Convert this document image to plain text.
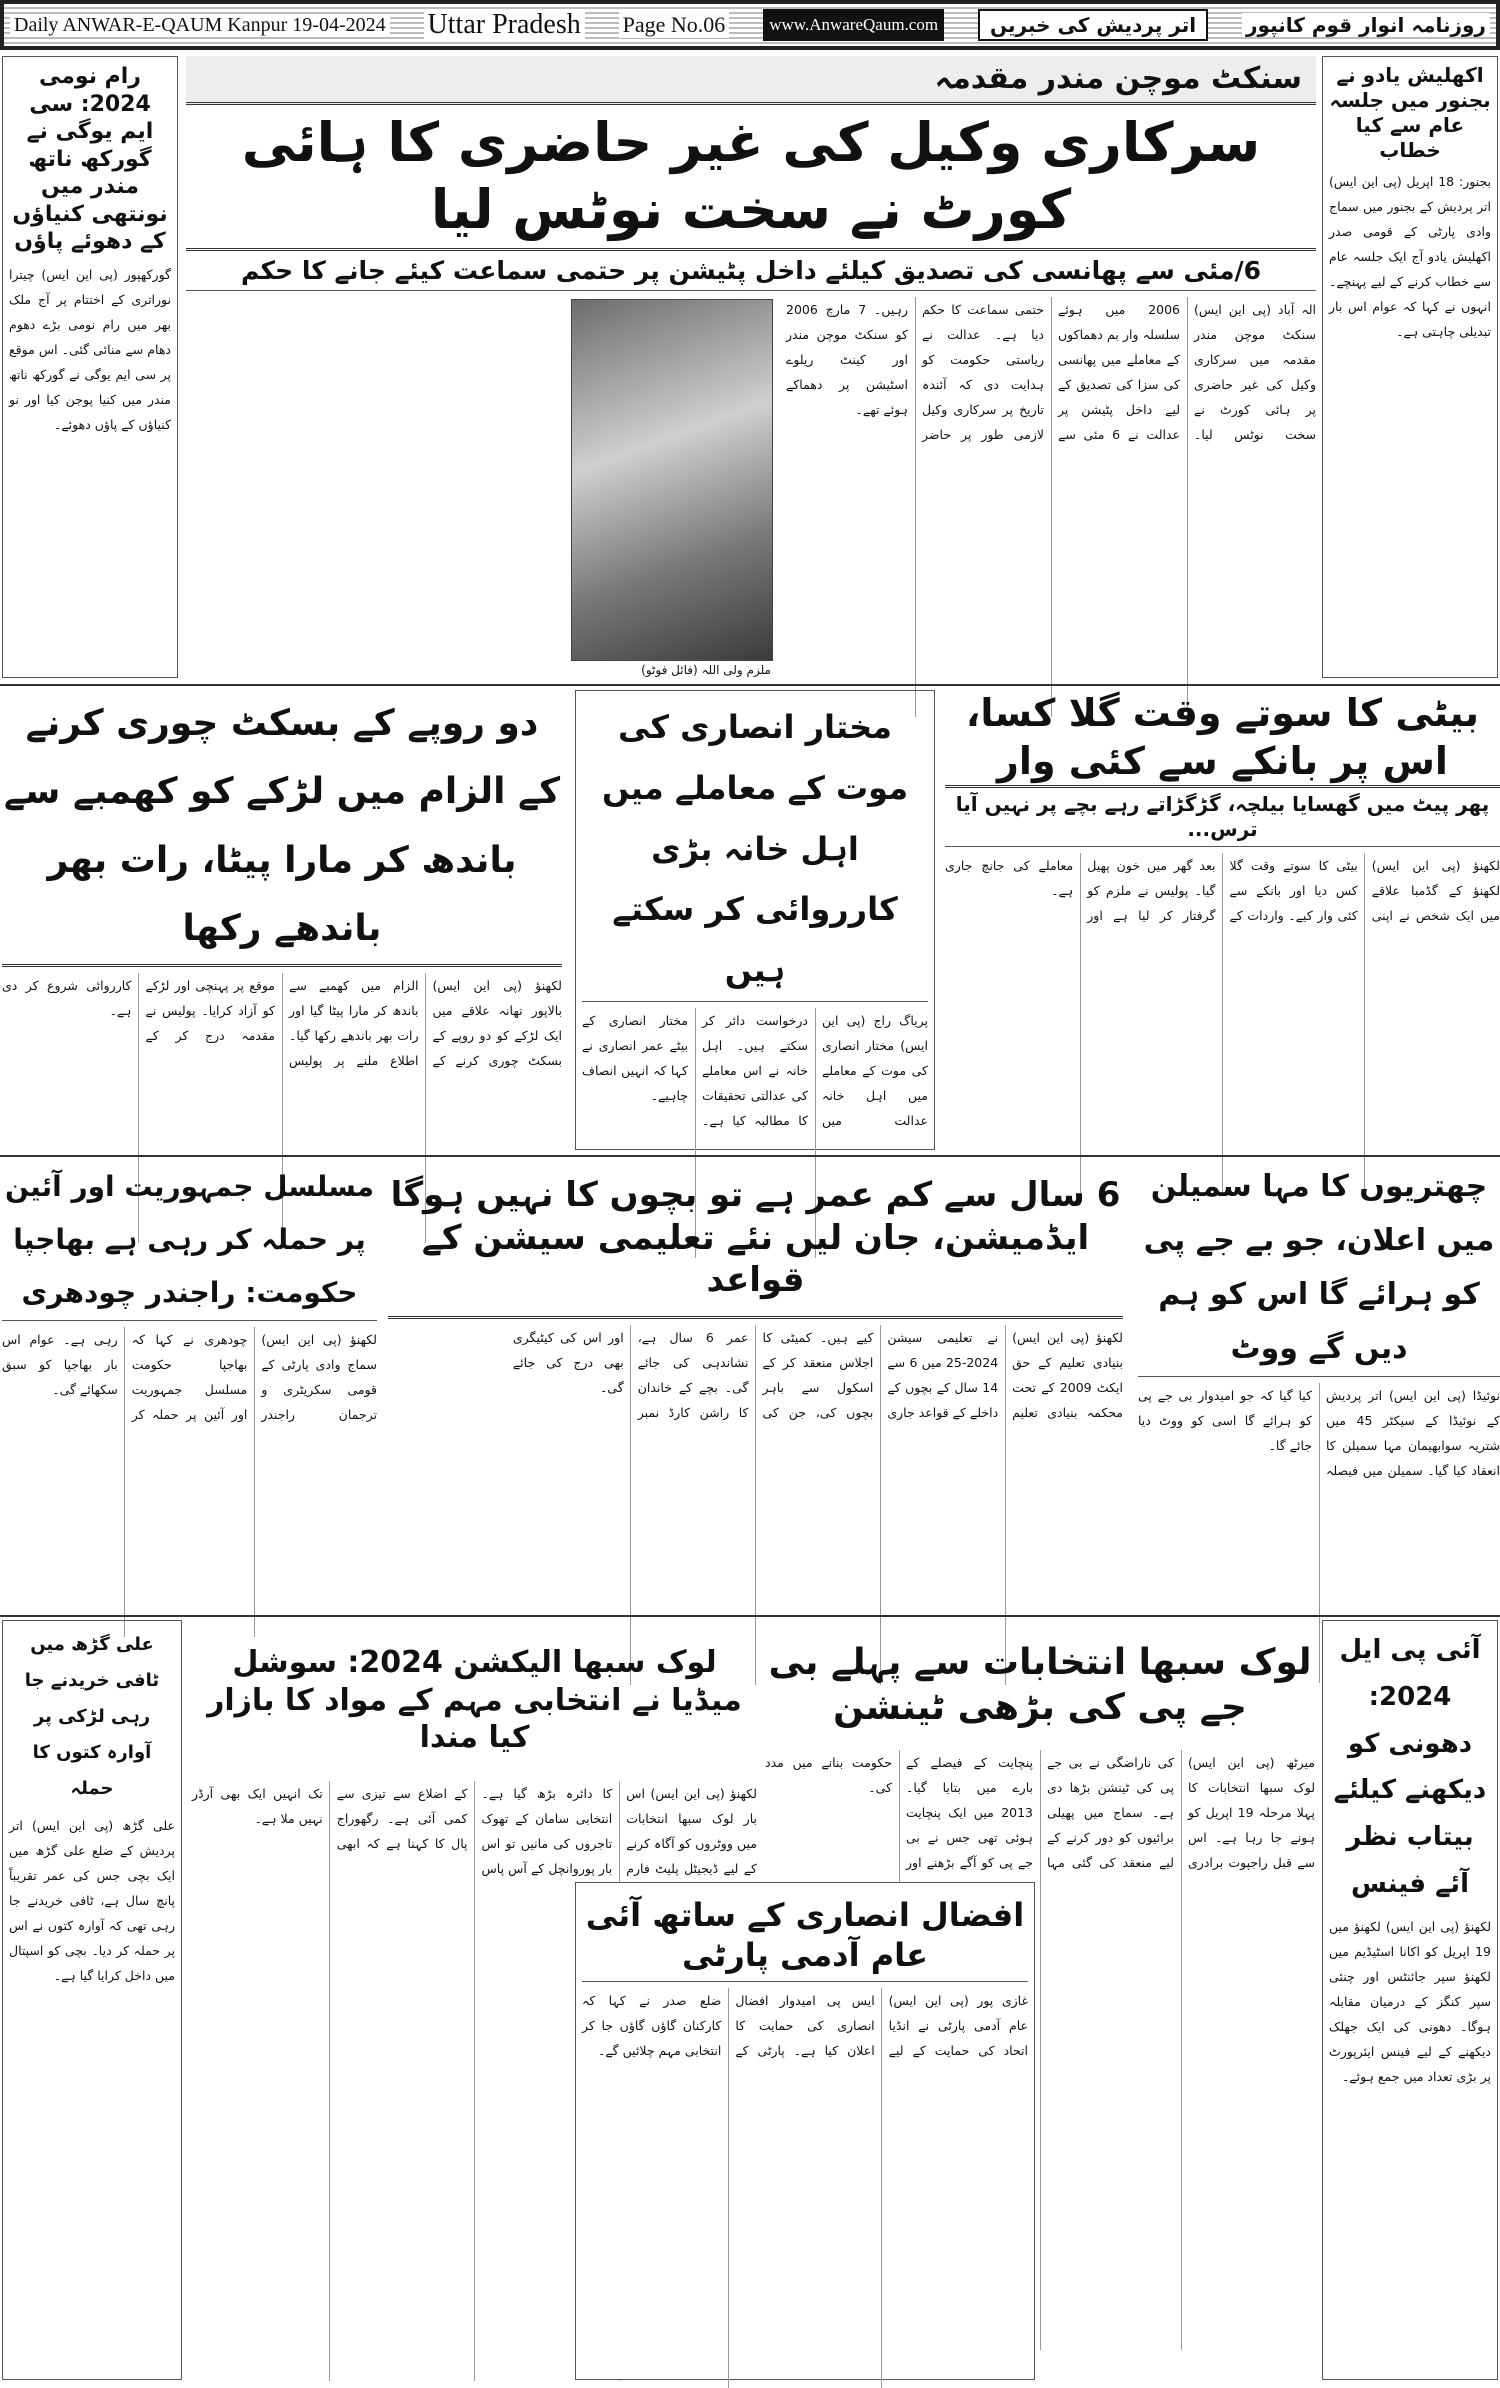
Daily ANWAR-E-QAUM Kanpur 19-04-2024 Uttar Pradesh Page No.06	www.AnwareQaum.com	اتر پردیش کی خبریں	روزنامہ انوار قوم کانپور
رام نومی 2024: سی ایم یوگی نے گورکھ ناتھ مندر میں نونتھی کنیاؤں کے دھوئے پاؤں
گورکھپور (پی این ایس) چیترا نوراتری کے اختتام پر آج ملک بھر میں رام نومی بڑے دھوم دھام سے منائی گئی۔ اس موقع پر سی ایم یوگی نے گورکھ ناتھ مندر میں کنیا پوجن کیا اور نو کنیاؤں کے پاؤں دھوئے۔
اکھلیش یادو نے بجنور میں جلسہ عام سے کیا خطاب
بجنور: 18 اپریل (پی این ایس) اتر پردیش کے بجنور میں سماج وادی پارٹی کے قومی صدر اکھلیش یادو آج ایک جلسہ عام سے خطاب کرنے کے لیے پہنچے۔ انہوں نے کہا کہ عوام اس بار تبدیلی چاہتی ہے۔
سنکٹ موچن مندر مقدمہ
سرکاری وکیل کی غیر حاضری کا ہائی کورٹ نے سخت نوٹس لیا
6/مئی سے پھانسی کی تصدیق کیلئے داخل پٹیشن پر حتمی سماعت کیئے جانے کا حکم
الہ آباد (پی این ایس) سنکٹ موچن مندر مقدمہ میں سرکاری وکیل کی غیر حاضری پر ہائی کورٹ نے سخت نوٹس لیا۔ 2006 میں ہوئے سلسلہ وار بم دھماکوں کے معاملے میں پھانسی کی سزا کی تصدیق کے لیے داخل پٹیشن پر عدالت نے 6 مئی سے حتمی سماعت کا حکم دیا ہے۔ عدالت نے ریاستی حکومت کو ہدایت دی کہ آئندہ تاریخ پر سرکاری وکیل لازمی طور پر حاضر رہیں۔ 7 مارچ 2006 کو سنکٹ موچن مندر اور کینٹ ریلوے اسٹیشن پر دھماکے ہوئے تھے۔
ملزم ولی اللہ (فائل فوٹو)
بیٹی کا سوتے وقت گلا کسا، اس پر بانکے سے کئی وار
پھر پیٹ میں گھسایا بیلچہ، گڑگڑاتے رہے بچے پر نہیں آیا ترس...
لکھنؤ (پی این ایس) لکھنؤ کے گڈمبا علاقے میں ایک شخص نے اپنی بیٹی کا سوتے وقت گلا کس دیا اور بانکے سے کئی وار کیے۔ واردات کے بعد گھر میں خون پھیل گیا۔ پولیس نے ملزم کو گرفتار کر لیا ہے اور معاملے کی جانچ جاری ہے۔
مختار انصاری کی موت کے معاملے میں اہل خانہ بڑی کارروائی کر سکتے ہیں
پریاگ راج (پی این ایس) مختار انصاری کی موت کے معاملے میں اہل خانہ عدالت میں درخواست دائر کر سکتے ہیں۔ اہل خانہ نے اس معاملے کی عدالتی تحقیقات کا مطالبہ کیا ہے۔ مختار انصاری کے بیٹے عمر انصاری نے کہا کہ انہیں انصاف چاہیے۔
دو روپے کے بسکٹ چوری کرنے کے الزام میں لڑکے کو کھمبے سے باندھ کر مارا پیٹا، رات بھر باندھے رکھا
لکھنؤ (پی این ایس) بالاپور تھانہ علاقے میں ایک لڑکے کو دو روپے کے بسکٹ چوری کرنے کے الزام میں کھمبے سے باندھ کر مارا پیٹا گیا اور رات بھر باندھے رکھا گیا۔ اطلاع ملنے پر پولیس موقع پر پہنچی اور لڑکے کو آزاد کرایا۔ پولیس نے مقدمہ درج کر کے کارروائی شروع کر دی ہے۔
چھتریوں کا مہا سمیلن میں اعلان، جو بے جے پی کو ہرائے گا اس کو ہم دیں گے ووٹ
نوئیڈا (پی این ایس) اتر پردیش کے نوئیڈا کے سیکٹر 45 میں شتریہ سوابھیمان مہا سمیلن کا انعقاد کیا گیا۔ سمیلن میں فیصلہ کیا گیا کہ جو امیدوار بی جے پی کو ہرائے گا اسی کو ووٹ دیا جائے گا۔
6 سال سے کم عمر ہے تو بچوں کا نہیں ہوگا ایڈمیشن، جان لیں نئے تعلیمی سیشن کے قواعد
لکھنؤ (پی این ایس) بنیادی تعلیم کے حق ایکٹ 2009 کے تحت محکمہ بنیادی تعلیم نے تعلیمی سیشن 2024-25 میں 6 سے 14 سال کے بچوں کے داخلے کے قواعد جاری کیے ہیں۔ کمیٹی کا اجلاس منعقد کر کے اسکول سے باہر بچوں کی، جن کی عمر 6 سال ہے، نشاندہی کی جائے گی۔ بچے کے خاندان کا راشن کارڈ نمبر اور اس کی کیٹیگری بھی درج کی جائے گی۔
مسلسل جمہوریت اور آئین پر حملہ کر رہی ہے بھاجپا حکومت: راجندر چودھری
لکھنؤ (پی این ایس) سماج وادی پارٹی کے قومی سکریٹری و ترجمان راجندر چودھری نے کہا کہ بھاجپا حکومت مسلسل جمہوریت اور آئین پر حملہ کر رہی ہے۔ عوام اس بار بھاجپا کو سبق سکھائے گی۔
آئی پی ایل 2024: دھونی کو دیکھنے کیلئے بیتاب نظر آئے فینس
لکھنؤ (پی این ایس) لکھنؤ میں 19 اپریل کو اکانا اسٹیڈیم میں لکھنؤ سپر جائنٹس اور چنئی سپر کنگز کے درمیان مقابلہ ہوگا۔ دھونی کی ایک جھلک دیکھنے کے لیے فینس ایئرپورٹ پر بڑی تعداد میں جمع ہوئے۔
لوک سبھا انتخابات سے پہلے بی جے پی کی بڑھی ٹینشن
میرٹھ (پی این ایس) لوک سبھا انتخابات کا پہلا مرحلہ 19 اپریل کو ہونے جا رہا ہے۔ اس سے قبل راجپوت برادری کی ناراضگی نے بی جے پی کی ٹینشن بڑھا دی ہے۔ سماج میں پھیلی برائیوں کو دور کرنے کے لیے منعقد کی گئی مہا پنچایت کے فیصلے کے بارے میں بتایا گیا۔ 2013 میں ایک پنچایت ہوئی تھی جس نے بی جے پی کو آگے بڑھنے اور حکومت بنانے میں مدد کی۔
لوک سبھا الیکشن 2024: سوشل میڈیا نے انتخابی مہم کے مواد کا بازار کیا مندا
لکھنؤ (پی این ایس) اس بار لوک سبھا انتخابات میں ووٹروں کو آگاہ کرنے کے لیے ڈیجیٹل پلیٹ فارم کا دائرہ بڑھ گیا ہے۔ انتخابی سامان کے تھوک تاجروں کی مانیں تو اس بار پوروانچل کے آس پاس کے اضلاع سے تیزی سے کمی آئی ہے۔ رگھوراج پال کا کہنا ہے کہ ابھی تک انہیں ایک بھی آرڈر نہیں ملا ہے۔
افضال انصاری کے ساتھ آئی عام آدمی پارٹی
غازی پور (پی این ایس) عام آدمی پارٹی نے انڈیا اتحاد کی حمایت کے لیے ایس پی امیدوار افضال انصاری کی حمایت کا اعلان کیا ہے۔ پارٹی کے ضلع صدر نے کہا کہ کارکنان گاؤں گاؤں جا کر انتخابی مہم چلائیں گے۔
علی گڑھ میں ٹافی خریدنے جا رہی لڑکی پر آوارہ کتوں کا حملہ
علی گڑھ (پی این ایس) اتر پردیش کے ضلع علی گڑھ میں ایک بچی جس کی عمر تقریباً پانچ سال ہے، ٹافی خریدنے جا رہی تھی کہ آوارہ کتوں نے اس پر حملہ کر دیا۔ بچی کو اسپتال میں داخل کرایا گیا ہے۔
